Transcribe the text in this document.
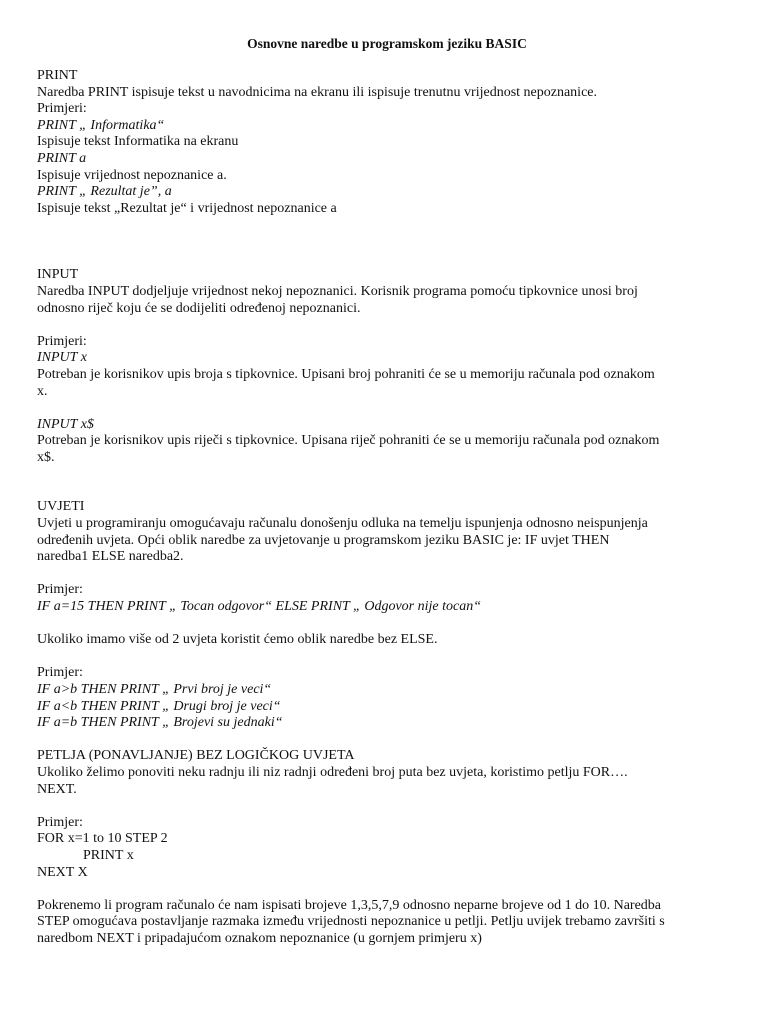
Osnovne naredbe u programskom jeziku BASIC
PRINT
Naredba PRINT ispisuje tekst u navodnicima na ekranu ili ispisuje trenutnu vrijednost nepoznanice.
Primjeri:
PRINT „ Informatika“
Ispisuje tekst Informatika na ekranu
PRINT a
Ispisuje vrijednost nepoznanice a.
PRINT „ Rezultat je”, a
Ispisuje tekst „Rezultat je“ i vrijednost nepoznanice a
INPUT
Naredba INPUT dodjeljuje vrijednost nekoj nepoznanici. Korisnik programa pomoću tipkovnice unosi broj
odnosno riječ koju će se dodijeliti određenoj nepoznanici.
Primjeri:
INPUT x
Potreban je korisnikov upis broja s tipkovnice. Upisani broj pohraniti će se u memoriju računala pod oznakom
x.
INPUT x$
Potreban je korisnikov upis riječi s tipkovnice. Upisana riječ pohraniti će se u memoriju računala pod oznakom
x$.
UVJETI
Uvjeti u programiranju omogućavaju računalu donošenju odluka na temelju ispunjenja odnosno neispunjenja
određenih uvjeta. Opći oblik naredbe za uvjetovanje u programskom jeziku BASIC je: IF uvjet THEN
naredba1 ELSE naredba2.
Primjer:
IF a=15 THEN PRINT „ Tocan odgovor“ ELSE PRINT „ Odgovor nije tocan“
Ukoliko imamo više od 2 uvjeta koristit ćemo oblik naredbe bez ELSE.
Primjer:
IF a>b THEN PRINT „ Prvi broj je veci“
IF a<b THEN PRINT „ Drugi broj je veci“
IF a=b THEN PRINT „ Brojevi su jednaki“
PETLJA (PONAVLJANJE) BEZ LOGIČKOG UVJETA
Ukoliko želimo ponoviti neku radnju ili niz radnji određeni broj puta bez uvjeta, koristimo petlju FOR….
NEXT.
Primjer:
FOR x=1 to 10 STEP 2
PRINT x
NEXT X
Pokrenemo li program računalo će nam ispisati brojeve 1,3,5,7,9 odnosno neparne brojeve od 1 do 10. Naredba
STEP omogućava postavljanje razmaka između vrijednosti nepoznanice u petlji. Petlju uvijek trebamo završiti s
naredbom NEXT i pripadajućom oznakom nepoznanice (u gornjem primjeru x)
